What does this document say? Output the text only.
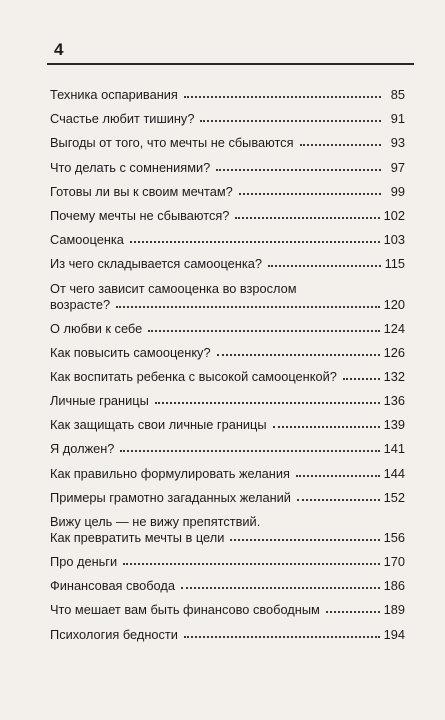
4
Техника оспаривания	85
Счастье любит тишину?	91
Выгоды от того, что мечты не сбываются	93
Что делать с сомнениями?	97
Готовы ли вы к своим мечтам?	99
Почему мечты не сбываются?	102
Самооценка	103
Из чего складывается самооценка?	115
От чего зависит самооценка во взрослом
возрасте?	120
О любви к себе	124
Как повысить самооценку?	126
Как воспитать ребенка с высокой самооценкой?	132
Личные границы	136
Как защищать свои личные границы	139
Я должен?	141
Как правильно формулировать желания	144
Примеры грамотно загаданных желаний	152
Вижу цель — не вижу препятствий.
Как превратить мечты в цели	156
Про деньги	170
Финансовая свобода	186
Что мешает вам быть финансово свободным	189
Психология бедности	194
